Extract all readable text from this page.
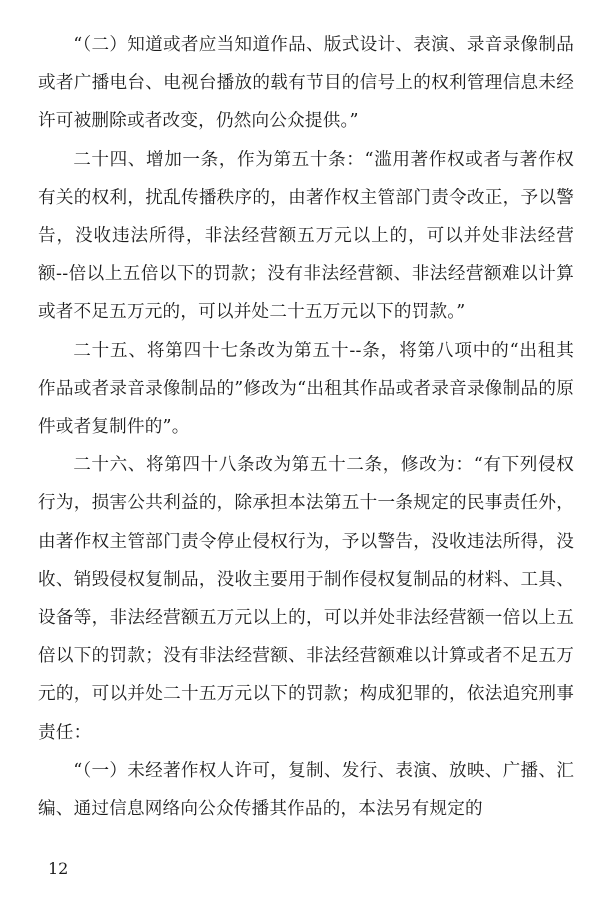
“（二）知道或者应当知道作品、版式设计、表演、录音录像制品或者广播电台、电视台播放的载有节目的信号上的权利管理信息未经许可被删除或者改变，仍然向公众提供。”

二十四、增加一条，作为第五十条：“滥用著作权或者与著作权有关的权利，扰乱传播秩序的，由著作权主管部门责令改正，予以警告，没收违法所得，非法经营额五万元以上的，可以并处非法经营额--倍以上五倍以下的罚款；没有非法经营额、非法经营额难以计算或者不足五万元的，可以并处二十五万元以下的罚款。”

二十五、将第四十七条改为第五十--条，将第八项中的“出租其作品或者录音录像制品的”修改为“出租其作品或者录音录像制品的原件或者复制件的”。

二十六、将第四十八条改为第五十二条，修改为：“有下列侵权行为，损害公共利益的，除承担本法第五十一条规定的民事责任外，由著作权主管部门责令停止侵权行为，予以警告，没收违法所得，没收、销毁侵权复制品，没收主要用于制作侵权复制品的材料、工具、设备等，非法经营额五万元以上的，可以并处非法经营额一倍以上五倍以下的罚款；没有非法经营额、非法经营额难以计算或者不足五万元的，可以并处二十五万元以下的罚款；构成犯罪的，依法追究刑事责任：

“（一）未经著作权人许可，复制、发行、表演、放映、广播、汇编、通过信息网络向公众传播其作品的，本法另有规定的

12
